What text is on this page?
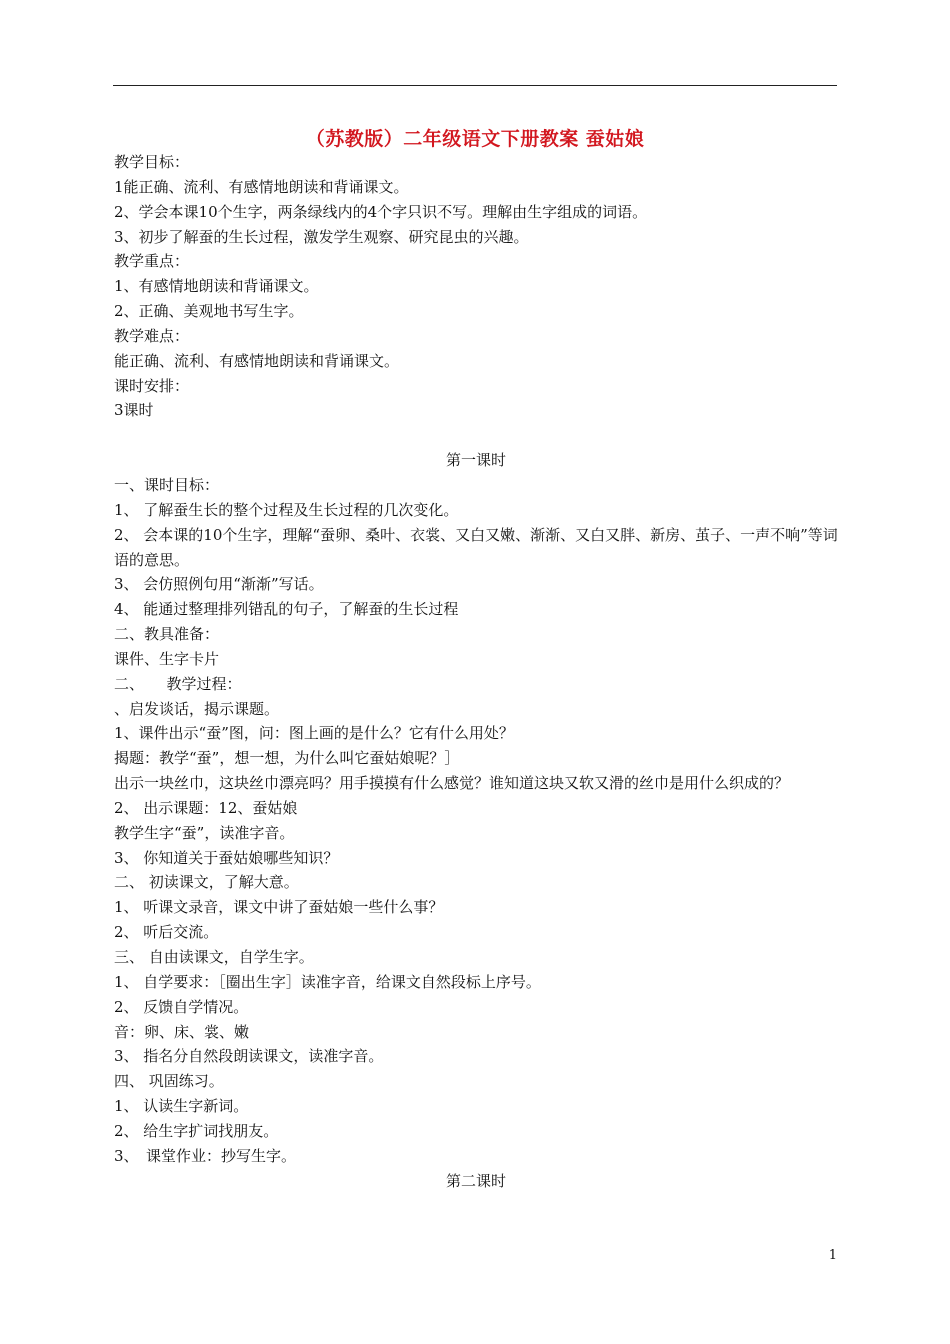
（苏教版）二年级语文下册教案 蚕姑娘
教学目标：
1能正确、流利、有感情地朗读和背诵课文。
2、学会本课10个生字，两条绿线内的4个字只识不写。理解由生字组成的词语。
3、初步了解蚕的生长过程，激发学生观察、研究昆虫的兴趣。
教学重点：
1、有感情地朗读和背诵课文。
2、正确、美观地书写生字。
教学难点：
能正确、流利、有感情地朗读和背诵课文。
课时安排：
3课时
第一课时
一、课时目标：
1、 了解蚕生长的整个过程及生长过程的几次变化。
2、 会本课的10个生字，理解“蚕卵、桑叶、衣裳、又白又嫩、渐渐、又白又胖、新房、茧子、一声不响”等词语的意思。
3、 会仿照例句用“渐渐”写话。
4、 能通过整理排列错乱的句子，了解蚕的生长过程
二、教具准备：
课件、生字卡片
二、　　教学过程：
、启发谈话，揭示课题。
1、课件出示“蚕”图，问：图上画的是什么？它有什么用处？
揭题：教学“蚕”，想一想，为什么叫它蚕姑娘呢？］
出示一块丝巾，这块丝巾漂亮吗？用手摸摸有什么感觉？谁知道这块又软又滑的丝巾是用什么织成的？
2、 出示课题：12、蚕姑娘
教学生字“蚕”，读准字音。
3、 你知道关于蚕姑娘哪些知识？
二、 初读课文，了解大意。
1、 听课文录音，课文中讲了蚕姑娘一些什么事？
2、 听后交流。
三、 自由读课文，自学生字。
1、 自学要求：［圈出生字］读准字音，给课文自然段标上序号。
2、 反馈自学情况。
音：卵、床、裳、嫩
3、 指名分自然段朗读课文，读准字音。
四、 巩固练习。
1、 认读生字新词。
2、 给生字扩词找朋友。
3、　课堂作业：抄写生字。
第二课时
1
